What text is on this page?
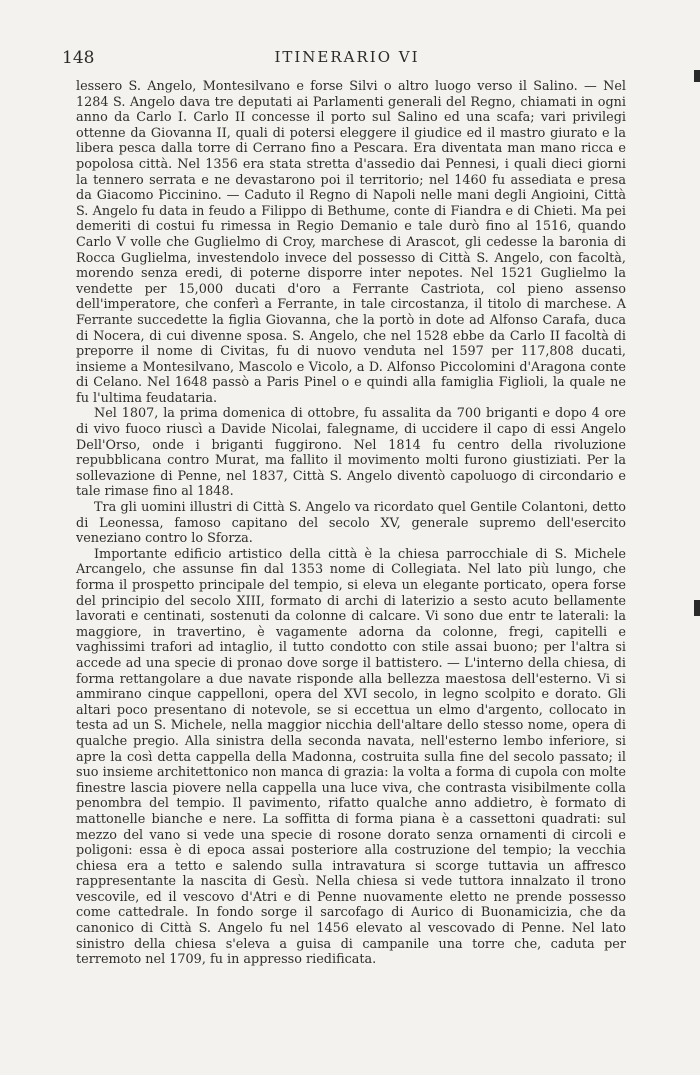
148	ITINERARIO VI

lessero S. Angelo, Montesilvano e forse Silvi o altro luogo verso il Salino. — Nel 1284 S. Angelo dava tre deputati ai Parlamenti generali del Regno, chiamati in ogni anno da Carlo I. Carlo II concesse il porto sul Salino ed una scafa; vari privilegi ottenne da Giovanna II, quali di potersi eleggere il giudice ed il mastro giurato e la libera pesca dalla torre di Cerrano fino a Pescara. Era diventata man mano ricca e popolosa città. Nel 1356 era stata stretta d'assedio dai Pennesi, i quali dieci giorni la tennero serrata e ne devastarono poi il territorio; nel 1460 fu assediata e presa da Giacomo Piccinino. — Caduto il Regno di Napoli nelle mani degli Angioini, Città S. Angelo fu data in feudo a Filippo di Bethume, conte di Fiandra e di Chieti. Ma pei demeriti di costui fu rimessa in Regio Demanio e tale durò fino al 1516, quando Carlo V volle che Guglielmo di Croy, marchese di Arascot, gli cedesse la baronia di Rocca Guglielma, investendolo invece del possesso di Città S. Angelo, con facoltà, morendo senza eredi, di poterne disporre inter nepotes. Nel 1521 Guglielmo la vendette per 15,000 ducati d'oro a Ferrante Castriota, col pieno assenso dell'imperatore, che conferì a Ferrante, in tale circostanza, il titolo di marchese. A Ferrante succedette la figlia Giovanna, che la portò in dote ad Alfonso Carafa, duca di Nocera, di cui divenne sposa. S. Angelo, che nel 1528 ebbe da Carlo II facoltà di preporre il nome di Civitas, fu di nuovo venduta nel 1597 per 117,808 ducati, insieme a Montesilvano, Mascolo e Vicolo, a D. Alfonso Piccolomini d'Aragona conte di Celano. Nel 1648 passò a Paris Pinel o e quindi alla famiglia Figlioli, la quale ne fu l'ultima feudataria.

Nel 1807, la prima domenica di ottobre, fu assalita da 700 briganti e dopo 4 ore di vivo fuoco riuscì a Davide Nicolai, falegname, di uccidere il capo di essi Angelo Dell'Orso, onde i briganti fuggirono. Nel 1814 fu centro della rivoluzione repubblicana contro Murat, ma fallito il movimento molti furono giustiziati. Per la sollevazione di Penne, nel 1837, Città S. Angelo diventò capoluogo di circondario e tale rimase fino al 1848.

Tra gli uomini illustri di Città S. Angelo va ricordato quel Gentile Colantoni, detto di Leonessa, famoso capitano del secolo XV, generale supremo dell'esercito veneziano contro lo Sforza.

Importante edificio artistico della città è la chiesa parrocchiale di S. Michele Arcangelo, che assunse fin dal 1353 nome di Collegiata. Nel lato più lungo, che forma il prospetto principale del tempio, si eleva un elegante porticato, opera forse del principio del secolo XIII, formato di archi di laterizio a sesto acuto bellamente lavorati e centinati, sostenuti da colonne di calcare. Vi sono due entr te laterali: la maggiore, in travertino, è vagamente adorna da colonne, fregi, capitelli e vaghissimi trafori ad intaglio, il tutto condotto con stile assai buono; per l'altra si accede ad una specie di pronao dove sorge il battistero. — L'interno della chiesa, di forma rettangolare a due navate risponde alla bellezza maestosa dell'esterno. Vi si ammirano cinque cappelloni, opera del XVI secolo, in legno scolpito e dorato. Gli altari poco presentano di notevole, se si eccettua un elmo d'argento, collocato in testa ad un S. Michele, nella maggior nicchia dell'altare dello stesso nome, opera di qualche pregio. Alla sinistra della seconda navata, nell'esterno lembo inferiore, si apre la così detta cappella della Madonna, costruita sulla fine del secolo passato; il suo insieme architettonico non manca di grazia: la volta a forma di cupola con molte finestre lascia piovere nella cappella una luce viva, che contrasta visibilmente colla penombra del tempio. Il pavimento, rifatto qualche anno addietro, è formato di mattonelle bianche e nere. La soffitta di forma piana è a cassettoni quadrati: sul mezzo del vano si vede una specie di rosone dorato senza ornamenti di circoli e poligoni: essa è di epoca assai posteriore alla costruzione del tempio; la vecchia chiesa era a tetto e salendo sulla intravatura si scorge tuttavia un affresco rappresentante la nascita di Gesù. Nella chiesa si vede tuttora innalzato il trono vescovile, ed il vescovo d'Atri e di Penne nuovamente eletto ne prende possesso come cattedrale. In fondo sorge il sarcofago di Aurico di Buonamicizia, che da canonico di Città S. Angelo fu nel 1456 elevato al vescovado di Penne. Nel lato sinistro della chiesa s'eleva a guisa di campanile una torre che, caduta per terremoto nel 1709, fu in appresso riedificata.
